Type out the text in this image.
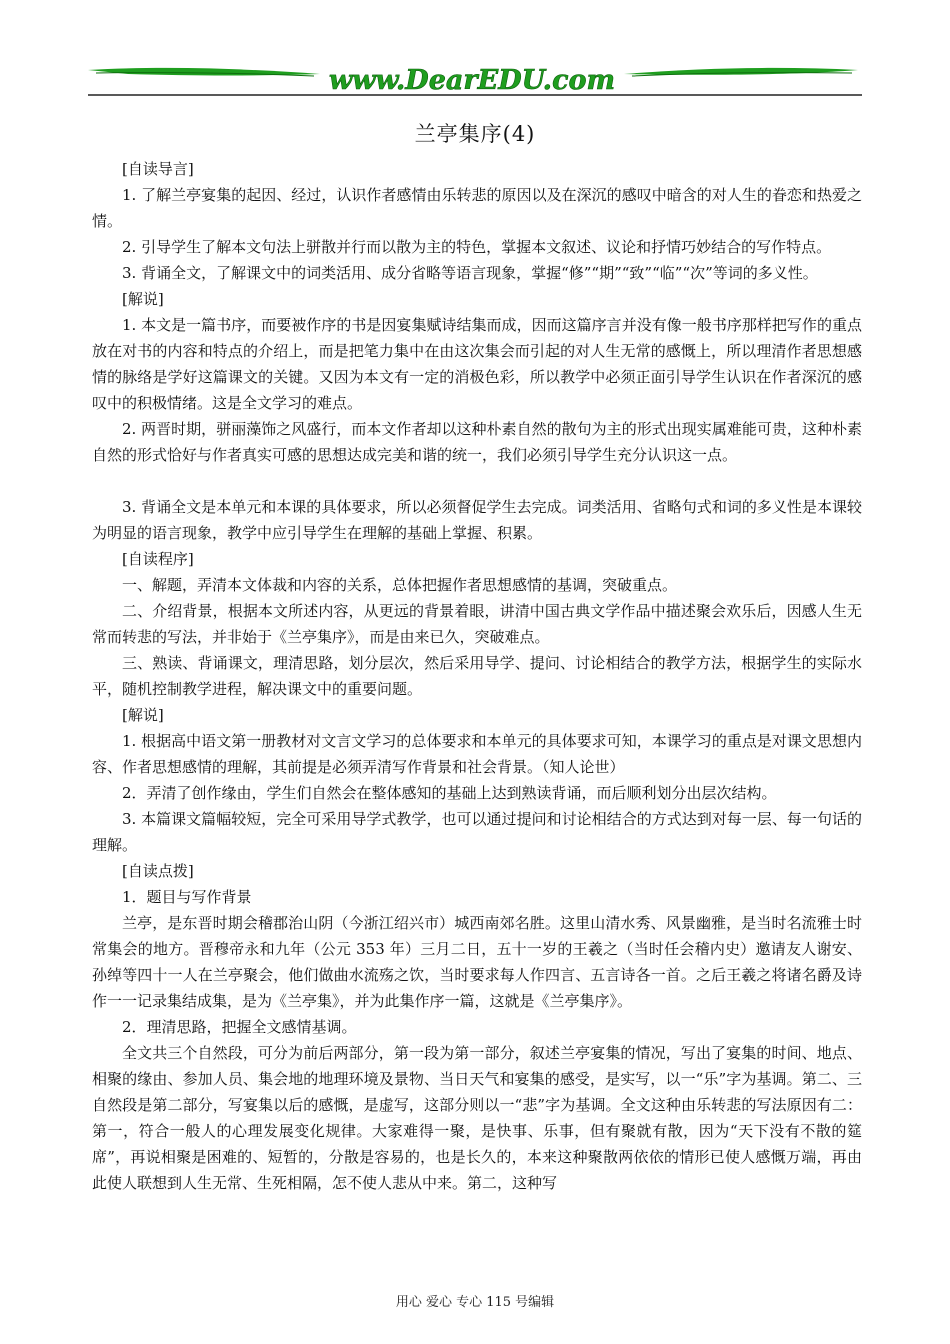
www.DearEDU.com
兰亭集序(4)

[自读导言]

1. 了解兰亭宴集的起因、经过，认识作者感情由乐转悲的原因以及在深沉的感叹中暗含的对人生的眷恋和热爱之情。

2. 引导学生了解本文句法上骈散并行而以散为主的特色，掌握本文叙述、议论和抒情巧妙结合的写作特点。

3. 背诵全文，了解课文中的词类活用、成分省略等语言现象，掌握“修”“期”“致”“临”“次”等词的多义性。

[解说]

1. 本文是一篇书序，而要被作序的书是因宴集赋诗结集而成，因而这篇序言并没有像一般书序那样把写作的重点放在对书的内容和特点的介绍上，而是把笔力集中在由这次集会而引起的对人生无常的感慨上，所以理清作者思想感情的脉络是学好这篇课文的关键。又因为本文有一定的消极色彩，所以教学中必须正面引导学生认识在作者深沉的感叹中的积极情绪。这是全文学习的难点。

2. 两晋时期，骈丽藻饰之风盛行，而本文作者却以这种朴素自然的散句为主的形式出现实属难能可贵，这种朴素自然的形式恰好与作者真实可感的思想达成完美和谐的统一，我们必须引导学生充分认识这一点。

3. 背诵全文是本单元和本课的具体要求，所以必须督促学生去完成。词类活用、省略句式和词的多义性是本课较为明显的语言现象，教学中应引导学生在理解的基础上掌握、积累。

[自读程序]

一、解题，弄清本文体裁和内容的关系，总体把握作者思想感情的基调，突破重点。

二、介绍背景，根据本文所述内容，从更远的背景着眼，讲清中国古典文学作品中描述聚会欢乐后，因感人生无常而转悲的写法，并非始于《兰亭集序》，而是由来已久，突破难点。

三、熟读、背诵课文，理清思路，划分层次，然后采用导学、提问、讨论相结合的教学方法，根据学生的实际水平，随机控制教学进程，解决课文中的重要问题。

[解说]

1. 根据高中语文第一册教材对文言文学习的总体要求和本单元的具体要求可知，本课学习的重点是对课文思想内容、作者思想感情的理解，其前提是必须弄清写作背景和社会背景。（知人论世）

2．弄清了创作缘由，学生们自然会在整体感知的基础上达到熟读背诵，而后顺利划分出层次结构。

3. 本篇课文篇幅较短，完全可采用导学式教学，也可以通过提问和讨论相结合的方式达到对每一层、每一句话的理解。

[自读点拨]

1．题目与写作背景

兰亭，是东晋时期会稽郡治山阴（今浙江绍兴市）城西南郊名胜。这里山清水秀、风景幽雅，是当时名流雅士时常集会的地方。晋穆帝永和九年（公元 353 年）三月二日，五十一岁的王羲之（当时任会稽内史）邀请友人谢安、孙绰等四十一人在兰亭聚会，他们做曲水流殇之饮，当时要求每人作四言、五言诗各一首。之后王羲之将诸名爵及诗作一一记录集结成集，是为《兰亭集》，并为此集作序一篇，这就是《兰亭集序》。

2．理清思路，把握全文感情基调。

全文共三个自然段，可分为前后两部分，第一段为第一部分，叙述兰亭宴集的情况，写出了宴集的时间、地点、相聚的缘由、参加人员、集会地的地理环境及景物、当日天气和宴集的感受，是实写，以一“乐”字为基调。第二、三自然段是第二部分，写宴集以后的感慨，是虚写，这部分则以一“悲”字为基调。全文这种由乐转悲的写法原因有二：第一，符合一般人的心理发展变化规律。大家难得一聚，是快事、乐事，但有聚就有散，因为“天下没有不散的筵席”，再说相聚是困难的、短暂的，分散是容易的，也是长久的，本来这种聚散两依依的情形已使人感慨万端，再由此使人联想到人生无常、生死相隔，怎不使人悲从中来。第二，这种写

用心 爱心 专心 115 号编辑
